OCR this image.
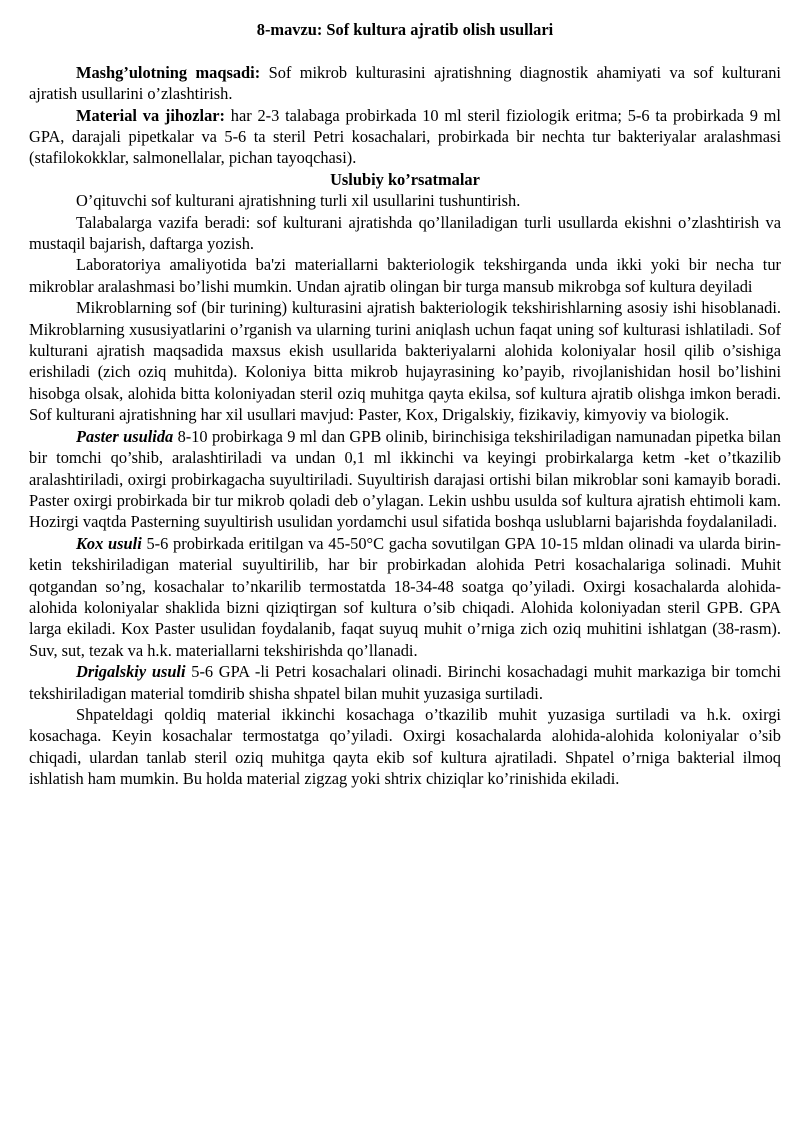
8-mavzu: Sof kultura ajratib olish usullari

Mashg’ulotning maqsadi: Sof mikrob kulturasini ajratishning diagnostik ahamiyati va sof kulturani ajratish usullarini o’zlashtirish.

Material va jihozlar: har 2-3 talabaga probirkada 10 ml steril fiziologik eritma; 5-6 ta probirkada 9 ml GPA, darajali pipetkalar va 5-6 ta steril Petri kosachalari, probirkada bir nechta tur bakteriyalar aralashmasi (stafilokokklar, salmonellalar, pichan tayoqchasi).

Uslubiy ko’rsatmalar

O’qituvchi sof kulturani ajratishning turli xil usullarini tushuntirish.

Talabalarga vazifa beradi: sof kulturani ajratishda qo’llaniladigan turli usullarda ekishni o’zlashtirish va mustaqil bajarish, daftarga yozish.

Laboratoriya amaliyotida ba'zi materiallarni bakteriologik tekshirganda unda ikki yoki bir necha tur mikroblar aralashmasi bo’lishi mumkin. Undan ajratib olingan bir turga mansub mikrobga sof kultura deyiladi

Mikroblarning sof (bir turining) kulturasini ajratish bakteriologik tekshirishlarning asosiy ishi hisoblanadi. Mikroblarning xususiyatlarini o’rganish va ularning turini aniqlash uchun faqat uning sof kulturasi ishlatiladi. Sof kulturani ajratish maqsadida maxsus ekish usullarida bakteriyalarni alohida koloniyalar hosil qilib o’sishiga erishiladi (zich oziq muhitda). Koloniya bitta mikrob hujayrasining ko’payib, rivojlanishidan hosil bo’lishini hisobga olsak, alohida bitta koloniyadan steril oziq muhitga qayta ekilsa, sof kultura ajratib olishga imkon beradi. Sof kulturani ajratishning har xil usullari mavjud: Paster, Kox, Drigalskiy, fizikaviy, kimyoviy va biologik.

Paster usulida 8-10 probirkaga 9 ml dan GPB olinib, birinchisiga tekshiriladigan namunadan pipetka bilan bir tomchi qo’shib, aralashtiriladi va undan 0,1 ml ikkinchi va keyingi probirkalarga ketm -ket o’tkazilib aralashtiriladi, oxirgi probirkagacha suyultiriladi. Suyultirish darajasi ortishi bilan mikroblar soni kamayib boradi. Paster oxirgi probirkada bir tur mikrob qoladi deb o’ylagan. Lekin ushbu usulda sof kultura ajratish ehtimoli kam. Hozirgi vaqtda Pasterning suyultirish usulidan yordamchi usul sifatida boshqa uslublarni bajarishda foydalaniladi.

Kox usuli 5-6 probirkada eritilgan va 45-50°C gacha sovutilgan GPA 10-15 mldan olinadi va ularda birin-ketin tekshiriladigan material suyultirilib, har bir probirkadan alohida Petri kosachalariga solinadi. Muhit qotgandan so’ng, kosachalar to’nkarilib termostatda 18-34-48 soatga qo’yiladi. Oxirgi kosachalarda alohida-alohida koloniyalar shaklida bizni qiziqtirgan sof kultura o’sib chiqadi. Alohida koloniyadan steril GPB. GPA larga ekiladi. Kox Paster usulidan foydalanib, faqat suyuq muhit o’rniga zich oziq muhitini ishlatgan (38-rasm). Suv, sut, tezak va h.k. materiallarni tekshirishda qo’llanadi.

Drigalskiy usuli 5-6 GPA -li Petri kosachalari olinadi. Birinchi kosachadagi muhit markaziga bir tomchi tekshiriladigan material tomdirib shisha shpatel bilan muhit yuzasiga surtiladi.

Shpateldagi qoldiq material ikkinchi kosachaga o’tkazilib muhit yuzasiga surtiladi va h.k. oxirgi kosachaga. Keyin kosachalar termostatga qo’yiladi. Oxirgi kosachalarda alohida-alohida koloniyalar o’sib chiqadi, ulardan tanlab steril oziq muhitga qayta ekib sof kultura ajratiladi. Shpatel o’rniga bakterial ilmoq ishlatish ham mumkin. Bu holda material zigzag yoki shtrix chiziqlar ko’rinishida ekiladi.
